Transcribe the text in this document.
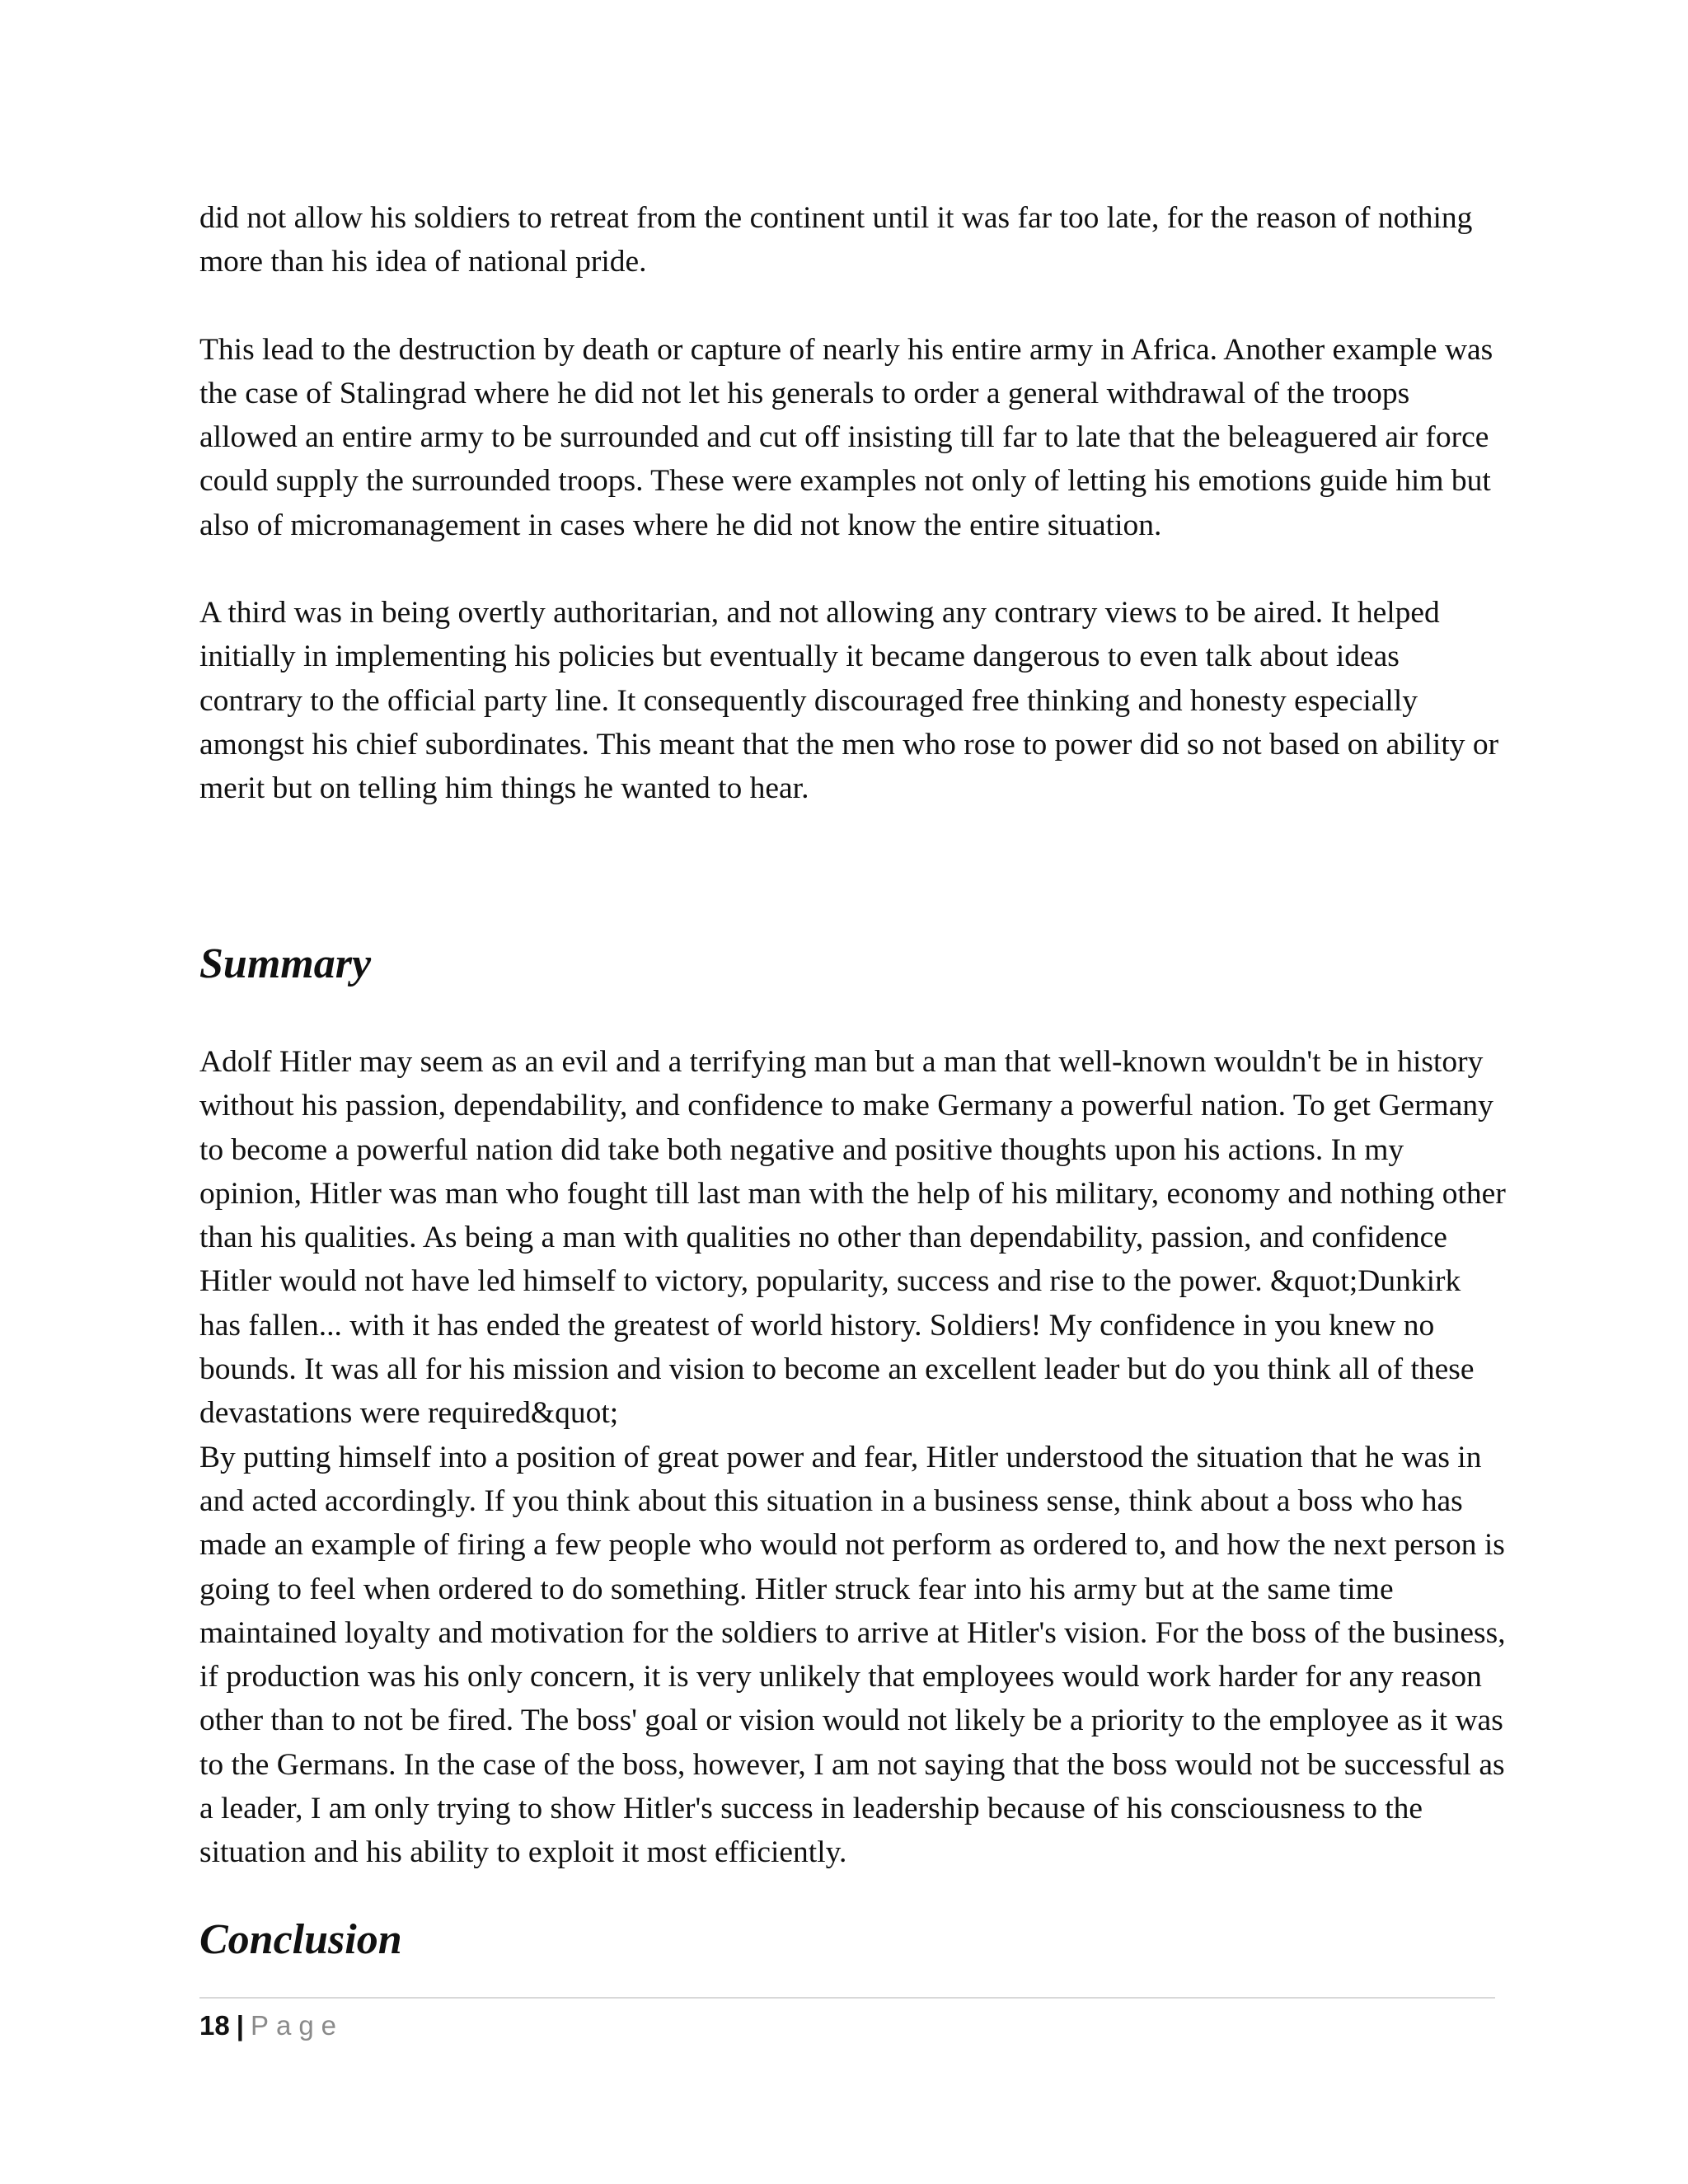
did not allow his soldiers to retreat from the continent until it was far too late, for the reason of nothing more than his idea of national pride.

This lead to the destruction by death or capture of nearly his entire army in Africa. Another example was the case of Stalingrad where he did not let his generals to order a general withdrawal of the troops allowed an entire army to be surrounded and cut off insisting till far to late that the beleaguered air force could supply the surrounded troops. These were examples not only of letting his emotions guide him but also of micromanagement in cases where he did not know the entire situation.

A third was in being overtly authoritarian, and not allowing any contrary views to be aired. It helped initially in implementing his policies but eventually it became dangerous to even talk about ideas contrary to the official party line. It consequently discouraged free thinking and honesty especially amongst his chief subordinates. This meant that the men who rose to power did so not based on ability or merit but on telling him things he wanted to hear.

Summary

Adolf Hitler may seem as an evil and a terrifying man but a man that well-known wouldn't be in history without his passion, dependability, and confidence to make Germany a powerful nation. To get Germany to become a powerful nation did take both negative and positive thoughts upon his actions. In my opinion, Hitler was man who fought till last man with the help of his military, economy and nothing other than his qualities. As being a man with qualities no other than dependability, passion, and confidence Hitler would not have led himself to victory, popularity, success and rise to the power. &quot;Dunkirk has fallen... with it has ended the greatest of world history. Soldiers! My confidence in you knew no bounds. It was all for his mission and vision to become an excellent leader but do you think all of these devastations were required&quot;

By putting himself into a position of great power and fear, Hitler understood the situation that he was in and acted accordingly. If you think about this situation in a business sense, think about a boss who has made an example of firing a few people who would not perform as ordered to, and how the next person is going to feel when ordered to do something. Hitler struck fear into his army but at the same time maintained loyalty and motivation for the soldiers to arrive at Hitler's vision. For the boss of the business, if production was his only concern, it is very unlikely that employees would work harder for any reason other than to not be fired. The boss' goal or vision would not likely be a priority to the employee as it was to the Germans. In the case of the boss, however, I am not saying that the boss would not be successful as a leader, I am only trying to show Hitler's success in leadership because of his consciousness to the situation and his ability to exploit it most efficiently.

Conclusion
18 | Page
